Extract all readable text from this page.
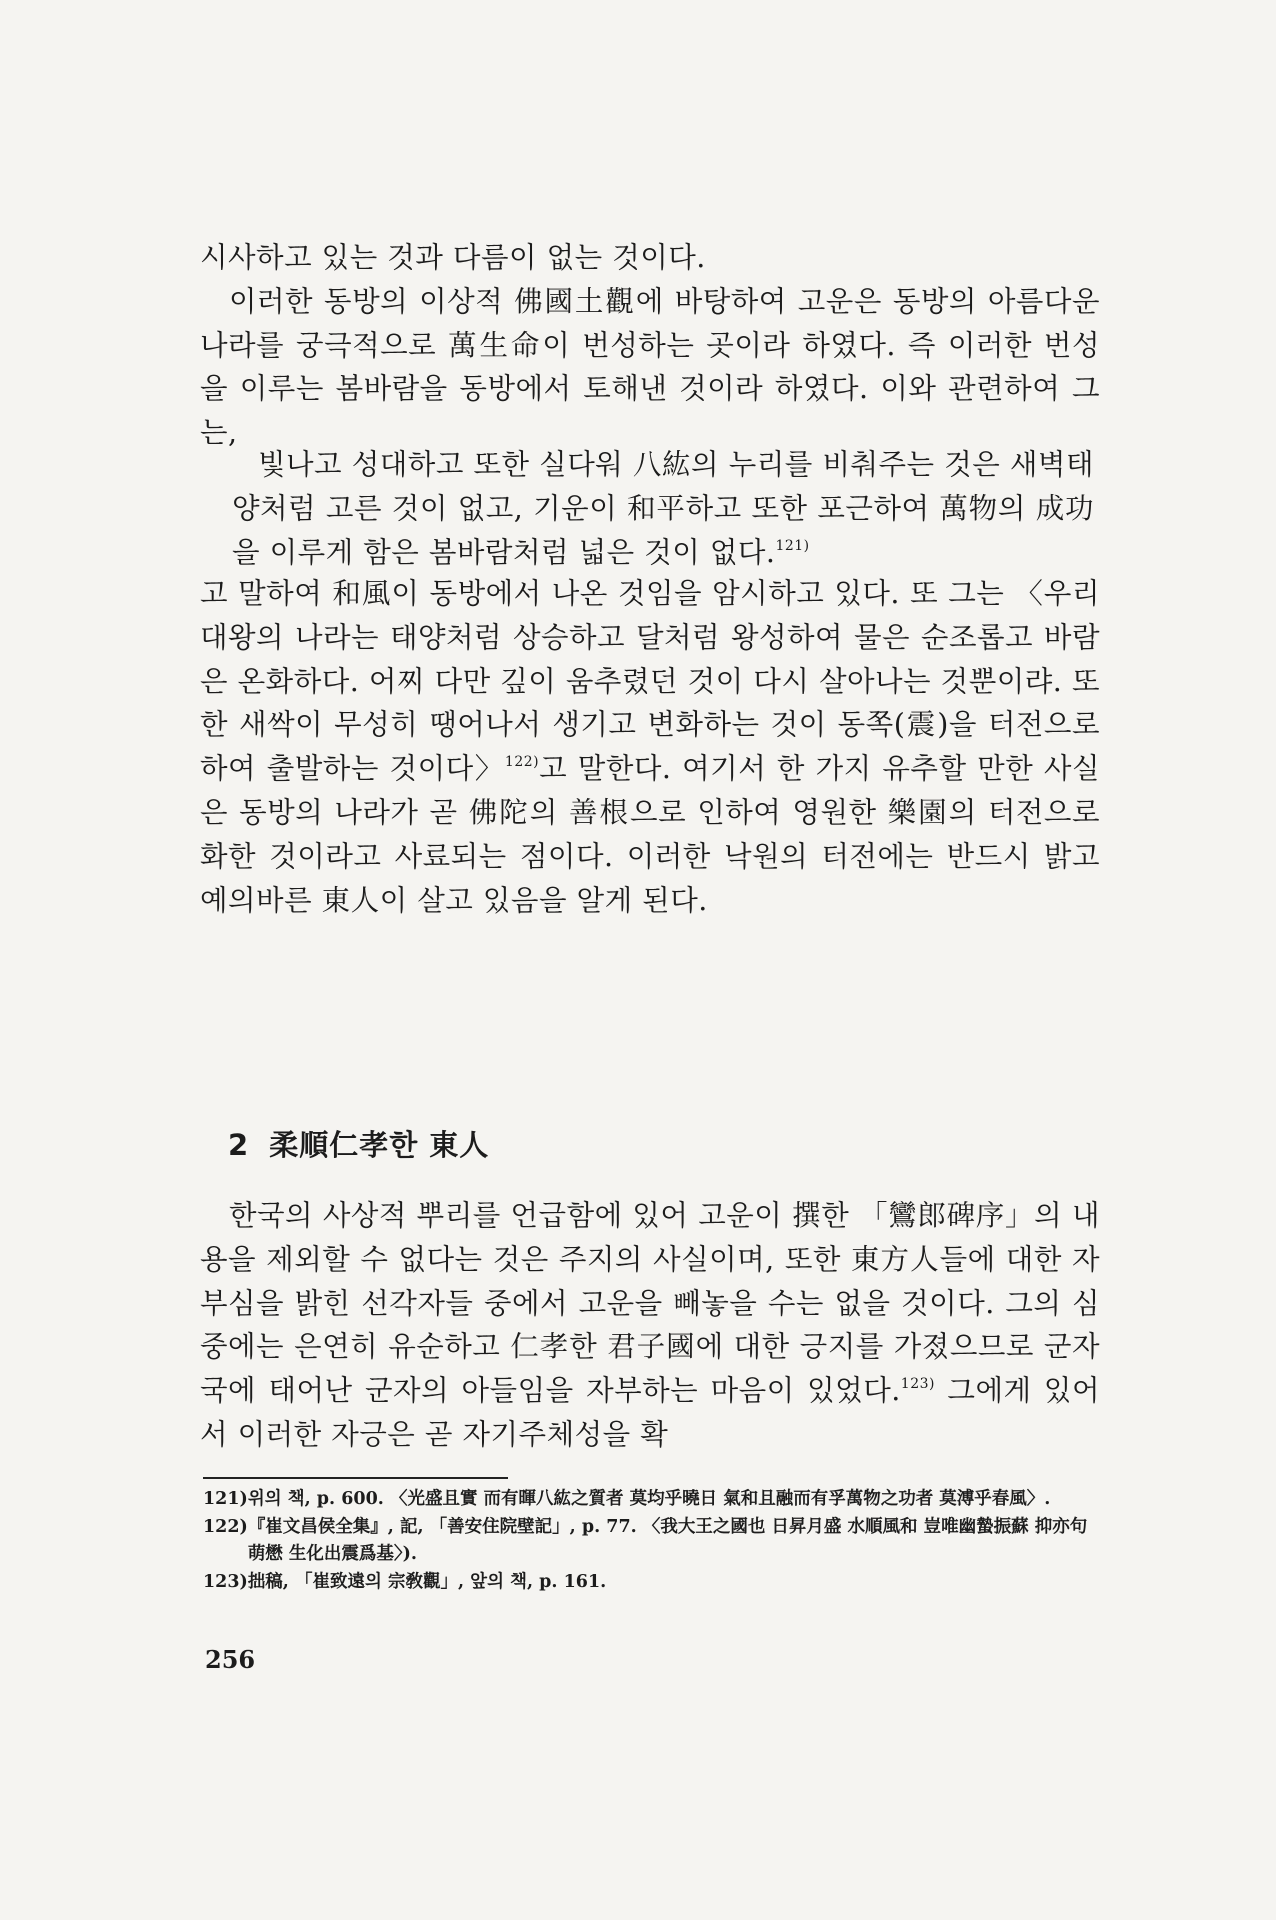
시사하고 있는 것과 다름이 없는 것이다.

이러한 동방의 이상적 佛國土觀에 바탕하여 고운은 동방의 아름다운 나라를 궁극적으로 萬生命이 번성하는 곳이라 하였다. 즉 이러한 번성을 이루는 봄바람을 동방에서 토해낸 것이라 하였다. 이와 관련하여 그는,

빛나고 성대하고 또한 실다워 八紘의 누리를 비춰주는 것은 새벽태양처럼 고른 것이 없고, 기운이 和平하고 또한 포근하여 萬物의 成功을 이루게 함은 봄바람처럼 넓은 것이 없다.$^{121)}$

고 말하여 和風이 동방에서 나온 것임을 암시하고 있다. 또 그는 〈우리 대왕의 나라는 태양처럼 상승하고 달처럼 왕성하여 물은 순조롭고 바람은 온화하다. 어찌 다만 깊이 움추렸던 것이 다시 살아나는 것뿐이랴. 또한 새싹이 무성히 땡어나서 생기고 변화하는 것이 동쪽(震)을 터전으로 하여 출발하는 것이다〉$^{122)}$고 말한다. 여기서 한 가지 유추할 만한 사실은 동방의 나라가 곧 佛陀의 善根으로 인하여 영원한 樂園의 터전으로 화한 것이라고 사료되는 점이다. 이러한 낙원의 터전에는 반드시 밝고 예의바른 東人이 살고 있음을 알게 된다.

2 柔順仁孝한 東人

한국의 사상적 뿌리를 언급함에 있어 고운이 撰한 「鸞郎碑序」의 내용을 제외할 수 없다는 것은 주지의 사실이며, 또한 東方人들에 대한 자부심을 밝힌 선각자들 중에서 고운을 빼놓을 수는 없을 것이다. 그의 심중에는 은연히 유순하고 仁孝한 君子國에 대한 긍지를 가졌으므로 군자국에 태어난 군자의 아들임을 자부하는 마음이 있었다.$^{123)}$ 그에게 있어서 이러한 자긍은 곧 자기주체성을 확

121) 위의 책, p. 600. 〈光盛且實 而有暉八紘之質者 莫均乎曉日 氣和且融而有孚萬物之功者 莫溥乎春風〉.
122) 『崔文昌侯全集』, 記, 「善安住院壁記」, p. 77. 〈我大王之國也 日昇月盛 水順風和 豈唯幽蟄振蘇 抑亦句萌懋 生化出震爲基〉).
123) 拙稿, 「崔致遠의 宗敎觀」, 앞의 책, p. 161.
256
